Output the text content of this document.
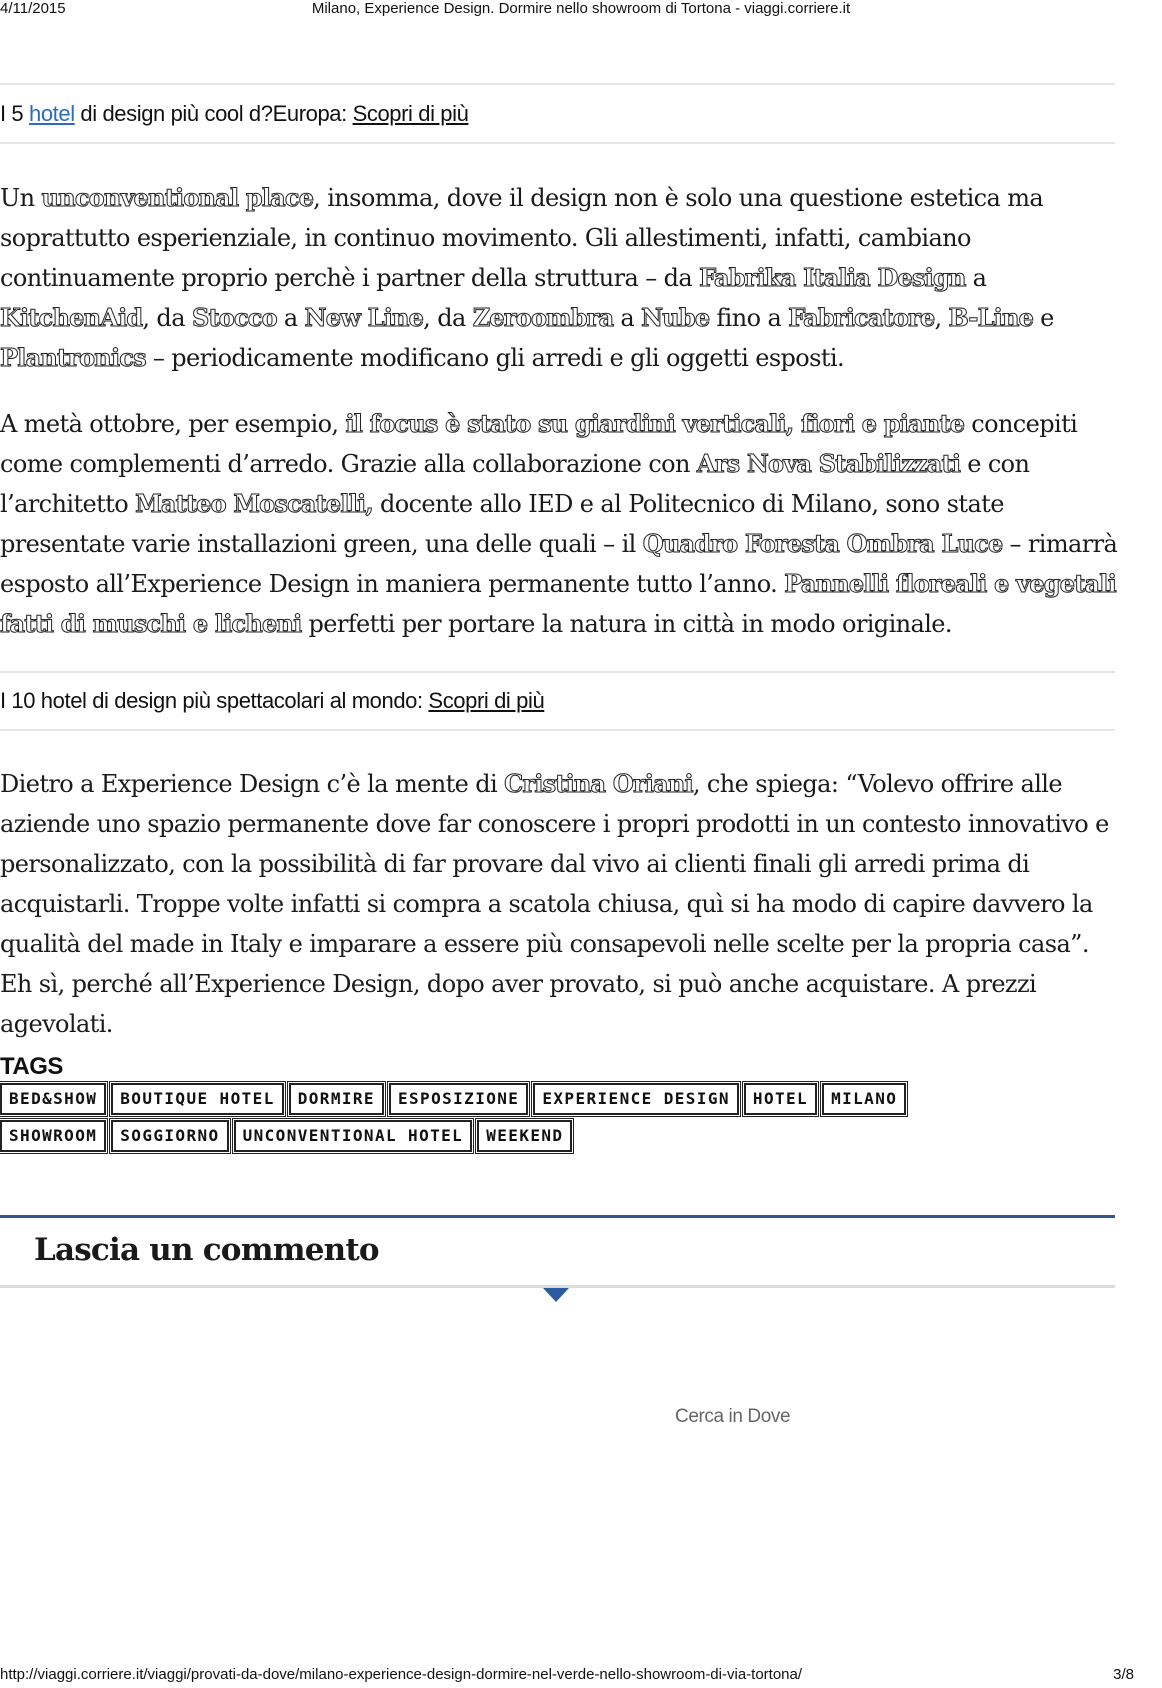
4/11/2015	Milano, Experience Design. Dormire nello showroom di Tortona - viaggi.corriere.it
I 5 hotel di design più cool d?Europa: Scopri di più

Un unconventional place, insomma, dove il design non è solo una questione estetica ma soprattutto esperienziale, in continuo movimento. Gli allestimenti, infatti, cambiano continuamente proprio perchè i partner della struttura – da Fabrika Italia Design a KitchenAid, da Stocco a New Line, da Zeroombra a Nube fino a Fabricatore, B-Line e Plantronics – periodicamente modificano gli arredi e gli oggetti esposti.

A metà ottobre, per esempio, il focus è stato su giardini verticali, fiori e piante concepiti come complementi d’arredo. Grazie alla collaborazione con Ars Nova Stabilizzati e con l’architetto Matteo Moscatelli, docente allo IED e al Politecnico di Milano, sono state presentate varie installazioni green, una delle quali – il Quadro Foresta Ombra Luce – rimarrà esposto all’Experience Design in maniera permanente tutto l’anno. Pannelli floreali e vegetali fatti di muschi e licheni perfetti per portare la natura in città in modo originale.

I 10 hotel di design più spettacolari al mondo: Scopri di più

Dietro a Experience Design c’è la mente di Cristina Oriani, che spiega: “Volevo offrire alle aziende uno spazio permanente dove far conoscere i propri prodotti in un contesto innovativo e personalizzato, con la possibilità di far provare dal vivo ai clienti finali gli arredi prima di acquistarli. Troppe volte infatti si compra a scatola chiusa, quì si ha modo di capire davvero la qualità del made in Italy e imparare a essere più consapevoli nelle scelte per la propria casa”. Eh sì, perché all’Experience Design, dopo aver provato, si può anche acquistare. A prezzi agevolati.

TAGS
BED&SHOW	BOUTIQUE HOTEL	DORMIRE	ESPOSIZIONE	EXPERIENCE DESIGN	HOTEL	MILANO
SHOWROOM	SOGGIORNO	UNCONVENTIONAL HOTEL	WEEKEND
Lascia un commento
Cerca in Dove
http://viaggi.corriere.it/viaggi/provati-da-dove/milano-experience-design-dormire-nel-verde-nello-showroom-di-via-tortona/	3/8
